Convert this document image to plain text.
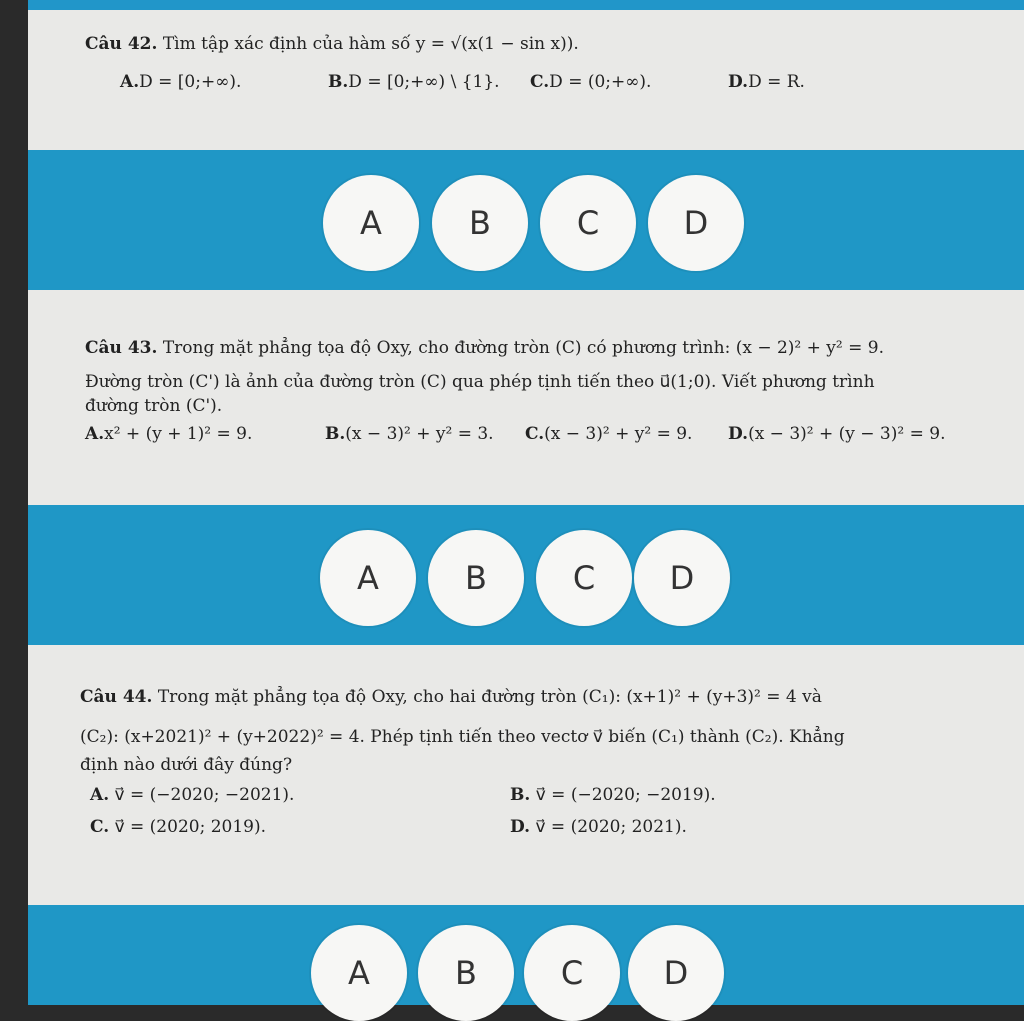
Câu 42. Tìm tập xác định của hàm số y = √(x(1 − sin x)).
A.D = [0;+∞).	B.D = [0;+∞) \ {1}. C.D = (0;+∞).	D.D = R.
A	B	C	D
Câu 43. Trong mặt phẳng tọa độ Oxy, cho đường tròn (C) có phương trình: (x − 2)² + y² = 9.
Đường tròn (C') là ảnh của đường tròn (C) qua phép tịnh tiến theo u⃗(1;0). Viết phương trình
đường tròn (C').
A.x² + (y + 1)² = 9.	B.(x − 3)² + y² = 3. C.(x − 3)² + y² = 9. D.(x − 3)² + (y − 3)² = 9.
A	B	C	D
Câu 44. Trong mặt phẳng tọa độ Oxy, cho hai đường tròn (C₁): (x+1)² + (y+3)² = 4 và
(C₂): (x+2021)² + (y+2022)² = 4. Phép tịnh tiến theo vectơ v⃗ biến (C₁) thành (C₂). Khẳng
định nào dưới đây đúng?
A. v⃗ = (−2020; −2021).	B. v⃗ = (−2020; −2019).
C. v⃗ = (2020; 2019).	D. v⃗ = (2020; 2021).
A	B	C	D
